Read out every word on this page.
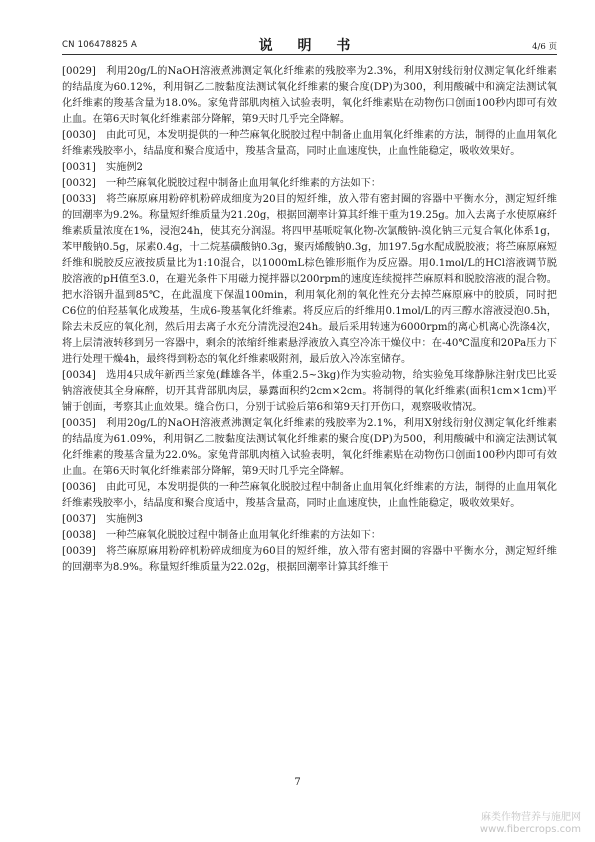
CN 106478825 A	说 明 书	4/6 页

[0029] 利用20g/L的NaOH溶液煮沸测定氧化纤维素的残胶率为2.3%，利用X射线衍射仪测定氧化纤维素的结晶度为60.12%，利用铜乙二胺黏度法测试氧化纤维素的聚合度(DP)为300，利用酸碱中和滴定法测试氧化纤维素的羧基含量为18.0%。家兔背部肌肉植入试验表明，氧化纤维素贴在动物伤口创面100秒内即可有效止血。在第6天时氧化纤维素部分降解，第9天时几乎完全降解。

[0030] 由此可见，本发明提供的一种苎麻氧化脱胶过程中制备止血用氧化纤维素的方法，制得的止血用氧化纤维素残胶率小，结晶度和聚合度适中，羧基含量高，同时止血速度快，止血性能稳定，吸收效果好。

[0031] 实施例2

[0032] 一种苎麻氧化脱胶过程中制备止血用氧化纤维素的方法如下：

[0033] 将苎麻原麻用粉碎机粉碎成细度为20目的短纤维，放入带有密封圈的容器中平衡水分，测定短纤维的回潮率为9.2%。称量短纤维质量为21.20g，根据回潮率计算其纤维干重为19.25g。加入去离子水使原麻纤维素质量浓度在1%，浸泡24h，使其充分润湿。将四甲基哌啶氧化物-次氯酸钠-溴化钠三元复合氧化体系1g，苯甲酸钠0.5g，尿素0.4g，十二烷基磺酸钠0.3g，聚丙烯酸钠0.3g，加197.5g水配成脱胶液；将苎麻原麻短纤维和脱胶反应液按质量比为1:10混合，以1000mL棕色锥形瓶作为反应器。用0.1mol/L的HCl溶液调节脱胶溶液的pH值至3.0，在避光条件下用磁力搅拌器以200rpm的速度连续搅拌苎麻原料和脱胶溶液的混合物。把水浴锅升温到85℃，在此温度下保温100min，利用氧化剂的氧化性充分去掉苎麻原麻中的胶质，同时把C6位的伯羟基氧化成羧基，生成6-羧基氧化纤维素。将反应后的纤维用0.1mol/L的丙三醇水溶液浸泡0.5h，除去未反应的氧化剂，然后用去离子水充分清洗浸泡24h。最后采用转速为6000rpm的离心机离心洗涤4次，将上层清液转移到另一容器中，剩余的浓缩纤维素悬浮液放入真空冷冻干燥仪中：在-40℃温度和20Pa压力下进行处理干燥4h，最终得到粉态的氧化纤维素吸附剂，最后放入冷冻室储存。

[0034] 选用4只成年新西兰家兔(雌雄各半，体重2.5~3kg)作为实验动物，给实验兔耳缘静脉注射戊巴比妥钠溶液使其全身麻醉，切开其背部肌肉层，暴露面积约2cm×2cm。将制得的氧化纤维素(面积1cm×1cm)平铺于创面，考察其止血效果。缝合伤口，分别于试验后第6和第9天打开伤口，观察吸收情况。

[0035] 利用20g/L的NaOH溶液煮沸测定氧化纤维素的残胶率为2.1%，利用X射线衍射仪测定氧化纤维素的结晶度为61.09%，利用铜乙二胺黏度法测试氧化纤维素的聚合度(DP)为500，利用酸碱中和滴定法测试氧化纤维素的羧基含量为22.0%。家兔背部肌肉植入试验表明，氧化纤维素贴在动物伤口创面100秒内即可有效止血。在第6天时氧化纤维素部分降解，第9天时几乎完全降解。

[0036] 由此可见，本发明提供的一种苎麻氧化脱胶过程中制备止血用氧化纤维素的方法，制得的止血用氧化纤维素残胶率小，结晶度和聚合度适中，羧基含量高，同时止血速度快，止血性能稳定，吸收效果好。

[0037] 实施例3

[0038] 一种苎麻氧化脱胶过程中制备止血用氧化纤维素的方法如下：

[0039] 将苎麻原麻用粉碎机粉碎成细度为60目的短纤维，放入带有密封圈的容器中平衡水分，测定短纤维的回潮率为8.9%。称量短纤维质量为22.02g，根据回潮率计算其纤维干

7
麻类作物营养与施肥网
www.fibercrops.com
